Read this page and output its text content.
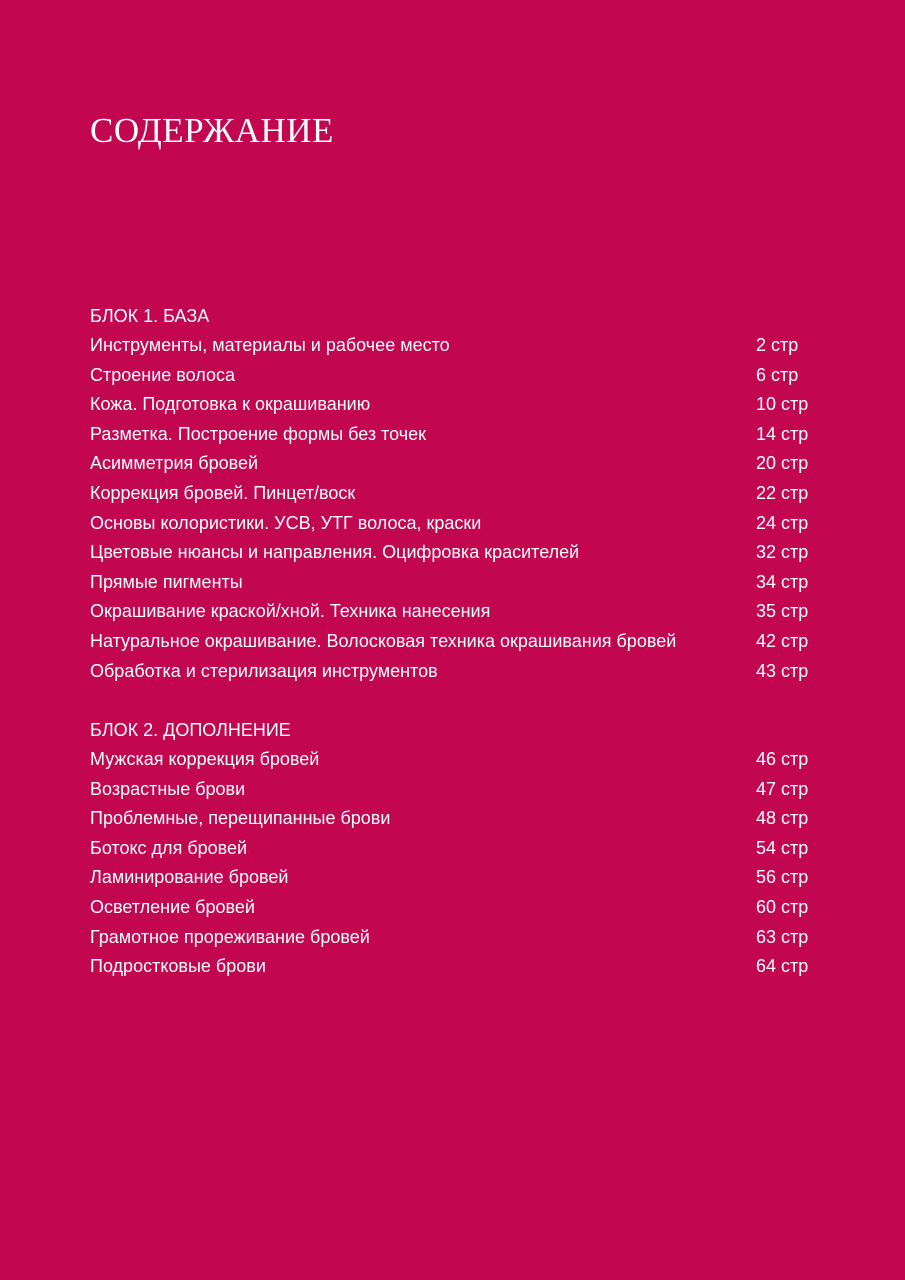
СОДЕРЖАНИЕ
БЛОК 1. БАЗА
Инструменты, материалы и рабочее место	2 стр
Строение волоса	6 стр
Кожа. Подготовка к окрашиванию	10 стр
Разметка. Построение формы без точек	14 стр
Асимметрия бровей	20 стр
Коррекция бровей. Пинцет/воск	22 стр
Основы колористики. УСВ, УТГ волоса, краски	24 стр
Цветовые нюансы и направления. Оцифровка красителей	32 стр
Прямые пигменты	34 стр
Окрашивание краской/хной. Техника нанесения	35 стр
Натуральное окрашивание. Волосковая техника окрашивания бровей	42 стр
Обработка и стерилизация инструментов	43 стр
БЛОК 2. ДОПОЛНЕНИЕ
Мужская коррекция бровей	46 стр
Возрастные брови	47 стр
Проблемные, перещипанные брови	48 стр
Ботокс для бровей	54 стр
Ламинирование бровей	56 стр
Осветление бровей	60 стр
Грамотное прореживание бровей	63 стр
Подростковые брови	64 стр
